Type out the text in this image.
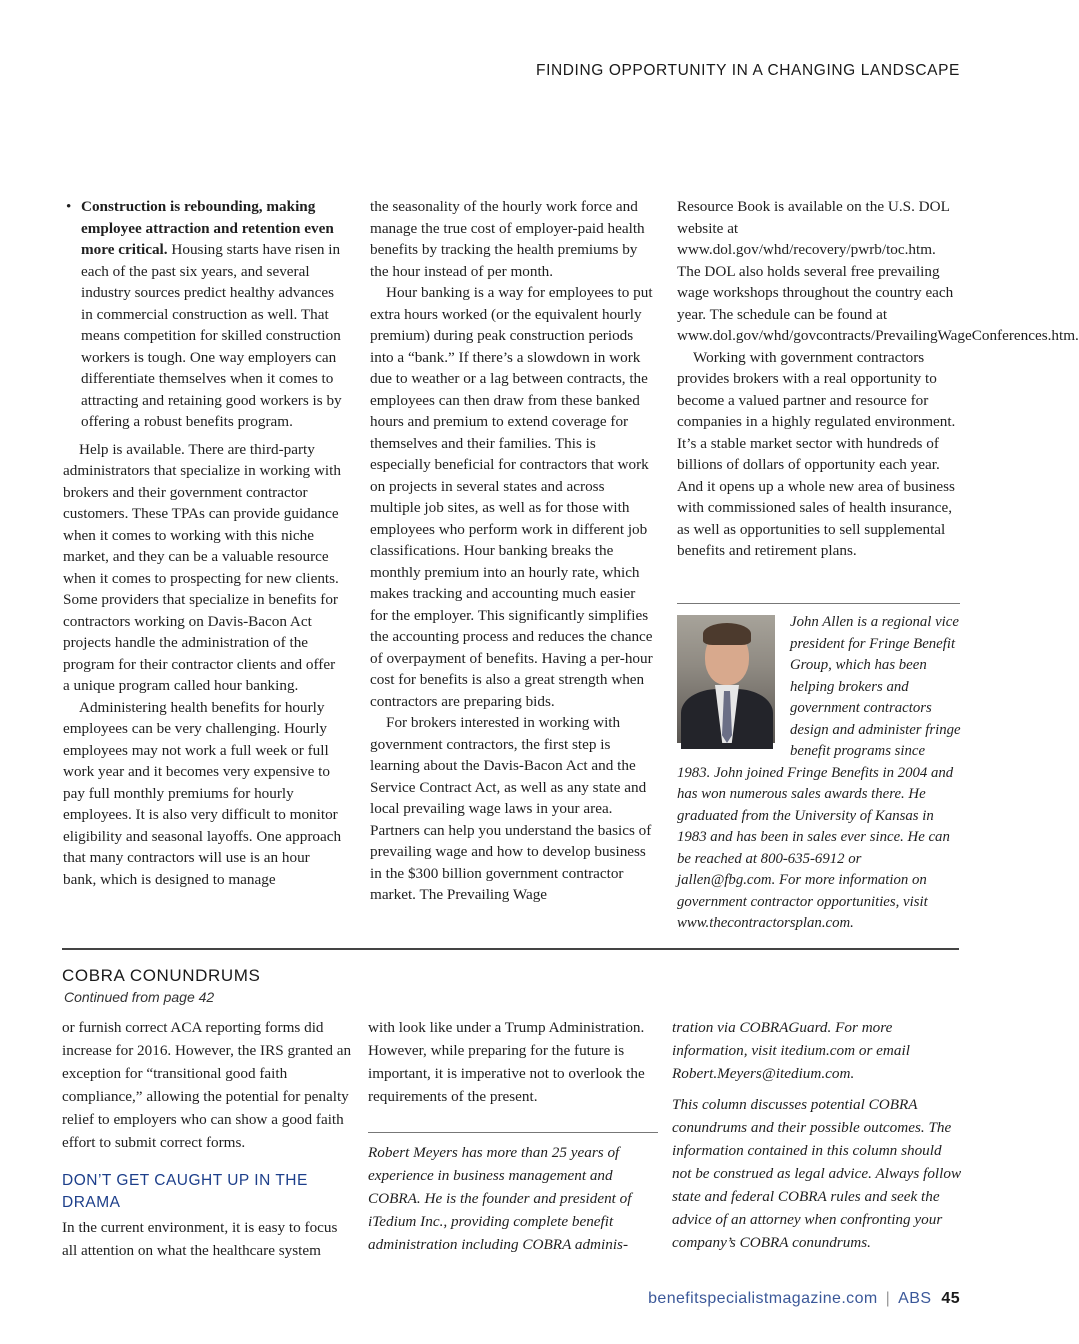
FINDING OPPORTUNITY IN A CHANGING LANDSCAPE
• Construction is rebounding, making employee attraction and retention even more critical. Housing starts have risen in each of the past six years, and several industry sources predict healthy advances in commercial construction as well. That means competition for skilled construction workers is tough. One way employers can differentiate themselves when it comes to attracting and retaining good workers is by offering a robust benefits program.

Help is available. There are third-party administrators that specialize in working with brokers and their government contractor customers. These TPAs can provide guidance when it comes to working with this niche market, and they can be a valuable resource when it comes to prospecting for new clients. Some providers that specialize in benefits for contractors working on Davis-Bacon Act projects handle the administration of the program for their contractor clients and offer a unique program called hour banking.

Administering health benefits for hourly employees can be very challenging. Hourly employees may not work a full week or full work year and it becomes very expensive to pay full monthly premiums for hourly employees. It is also very difficult to monitor eligibility and seasonal layoffs. One approach that many contractors will use is an hour bank, which is designed to manage

the seasonality of the hourly work force and manage the true cost of employer-paid health benefits by tracking the health premiums by the hour instead of per month.

Hour banking is a way for employees to put extra hours worked (or the equivalent hourly premium) during peak construction periods into a “bank.” If there’s a slowdown in work due to weather or a lag between contracts, the employees can then draw from these banked hours and premium to extend coverage for themselves and their families. This is especially beneficial for contractors that work on projects in several states and across multiple job sites, as well as for those with employees who perform work in different job classifications. Hour banking breaks the monthly premium into an hourly rate, which makes tracking and accounting much easier for the employer. This significantly simplifies the accounting process and reduces the chance of overpayment of benefits. Having a per-hour cost for benefits is also a great strength when contractors are preparing bids.

For brokers interested in working with government contractors, the first step is learning about the Davis-Bacon Act and the Service Contract Act, as well as any state and local prevailing wage laws in your area. Partners can help you understand the basics of prevailing wage and how to develop business in the $300 billion government contractor market. The Prevailing Wage

Resource Book is available on the U.S. DOL website at www.dol.gov/whd/recovery/pwrb/toc.htm. The DOL also holds several free prevailing wage workshops throughout the country each year. The schedule can be found at www.dol.gov/whd/govcontracts/PrevailingWageConferences.htm.

Working with government contractors provides brokers with a real opportunity to become a valued partner and resource for companies in a highly regulated environment. It’s a stable market sector with hundreds of billions of dollars of opportunity each year. And it opens up a whole new area of business with commissioned sales of health insurance, as well as opportunities to sell supplemental benefits and retirement plans.

John Allen is a regional vice president for Fringe Benefit Group, which has been helping brokers and government contractors design and administer fringe benefit programs since 1983. John joined Fringe Benefits in 2004 and has won numerous sales awards there. He graduated from the University of Kansas in 1983 and has been in sales ever since. He can be reached at 800-635-6912 or jallen@fbg.com. For more information on government contractor opportunities, visit www.thecontractorsplan.com.
COBRA CONUNDRUMS
Continued from page 42

or furnish correct ACA reporting forms did increase for 2016. However, the IRS granted an exception for “transitional good faith compliance,” allowing the potential for penalty relief to employers who can show a good faith effort to submit correct forms.

DON’T GET CAUGHT UP IN THE DRAMA

In the current environment, it is easy to focus all attention on what the healthcare system

with look like under a Trump Administration. However, while preparing for the future is important, it is imperative not to overlook the requirements of the present.

Robert Meyers has more than 25 years of experience in business management and COBRA. He is the founder and president of iTedium Inc., providing complete benefit administration including COBRA adminis-

tration via COBRAGuard. For more information, visit itedium.com or email Robert.Meyers@itedium.com.

This column discusses potential COBRA conundrums and their possible outcomes. The information contained in this column should not be construed as legal advice. Always follow state and federal COBRA rules and seek the advice of an attorney when confronting your company’s COBRA conundrums.

benefitspecialistmagazine.com | ABS 45
